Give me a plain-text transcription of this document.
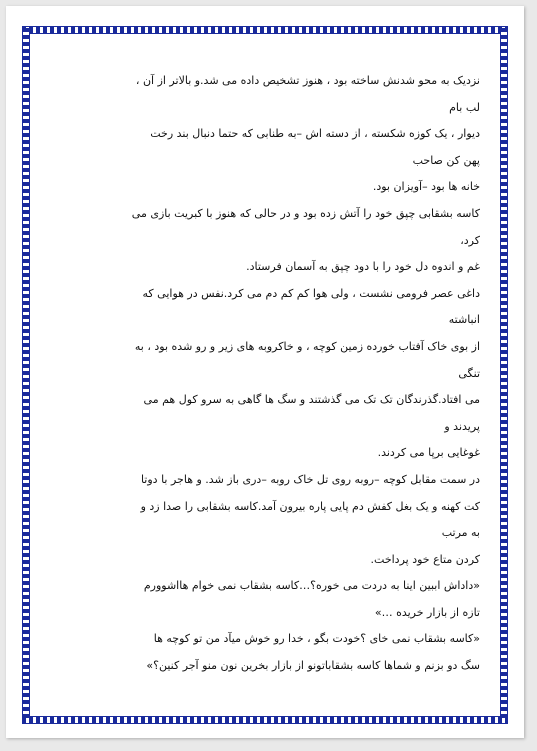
نزدیک به محو شدنش ساخته بود ، هنوز تشخیص داده می شد.و بالاتر از آن ،
لب بام
دیوار ، یک کوزه شکسته ، از دسته اش –به طنابی که حتما دنبال بند رخت
پهن کن صاحب
خانه ها بود –آویزان بود.
کاسه بشقابی چپق خود را آتش زده بود و در حالی که هنوز با کبریت بازی می
کرد،
غم و اندوه دل خود را با دود چپق به آسمان فرستاد.
داغی عصر فرومی نشست ، ولی هوا کم کم دم می کرد.نفس در هوایی که
انباشته
از بوی خاک آفتاب خورده زمین کوچه ، و خاکروبه های زیر و رو شده بود ، به
تنگی
می افتاد.گذرندگان تک تک می گذشتند و سگ ها گاهی به سرو کول هم می
پریدند و
غوغایی برپا می کردند.
در سمت مقابل کوچه –روبه روی تل خاک روبه –دری باز شد. و هاجر با دوتا
کت کهنه و یک بغل کفش دم پایی پاره بیرون آمد.کاسه بشقابی را صدا زد و
به مرتب
کردن متاع خود پرداخت.
«داداش اببین اینا به دردت می خوره؟…کاسه بشقاب نمی خوام هااشوورم
تازه از بازار خریده …»
«کاسه بشقاب نمی خای ؟خودت بگو ، خدا رو خوش میآد من تو کوچه ها
سگ دو بزنم و شماها کاسه بشقاباتونو از بازار بخرین نون منو آجر کنین؟»
